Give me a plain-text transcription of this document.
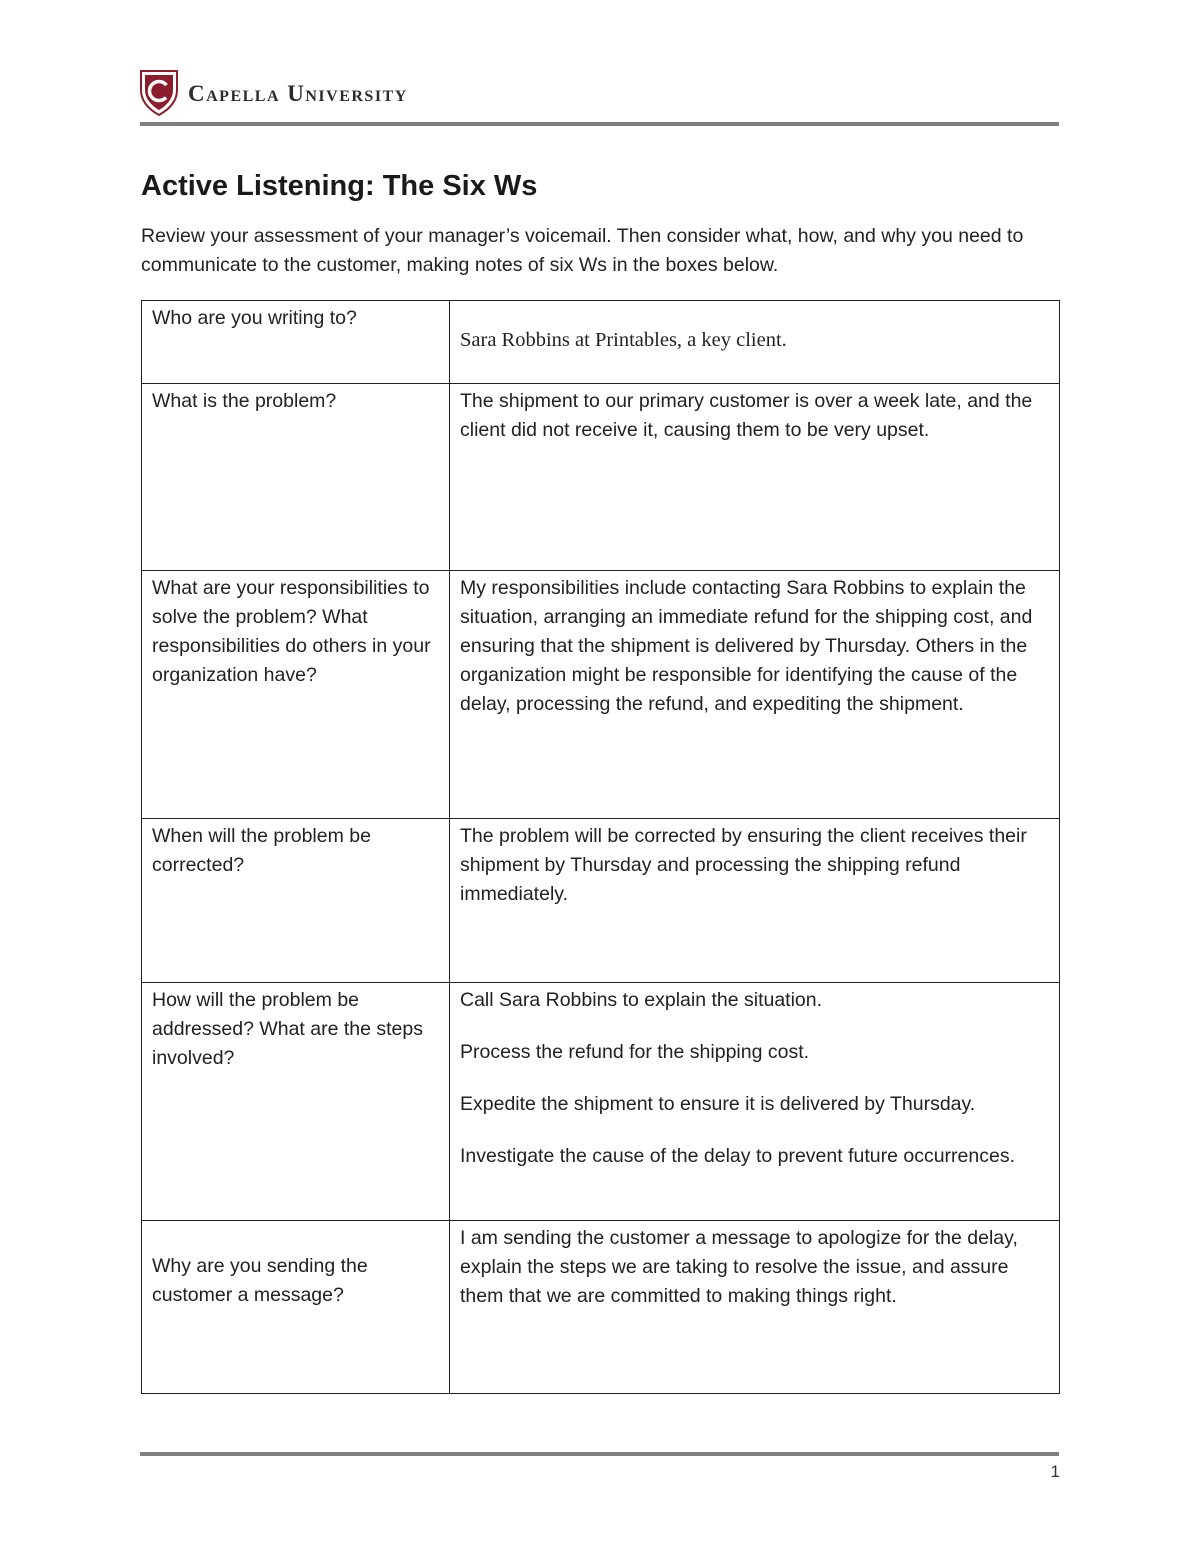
Capella University
Active Listening: The Six Ws

Review your assessment of your manager’s voicemail. Then consider what, how, and why you need to communicate to the customer, making notes of six Ws in the boxes below.

Who are you writing to?	Sara Robbins at Printables, a key client.

What is the problem?	The shipment to our primary customer is over a week late, and the client did not receive it, causing them to be very upset.
What are your responsibilities to solve the problem? What responsibilities do others in your organization have?	My responsibilities include contacting Sara Robbins to explain the situation, arranging an immediate refund for the shipping cost, and ensuring that the shipment is delivered by Thursday. Others in the organization might be responsible for identifying the cause of the delay, processing the refund, and expediting the shipment.
When will the problem be corrected?	The problem will be corrected by ensuring the client receives their shipment by Thursday and processing the shipping refund immediately.
How will the problem be addressed? What are the steps involved?	Call Sara Robbins to explain the situation.
Process the refund for the shipping cost.
Expedite the shipment to ensure it is delivered by Thursday.
Investigate the cause of the delay to prevent future occurrences.

Why are you sending the customer a message?	I am sending the customer a message to apologize for the delay, explain the steps we are taking to resolve the issue, and assure them that we are committed to making things right.
1
